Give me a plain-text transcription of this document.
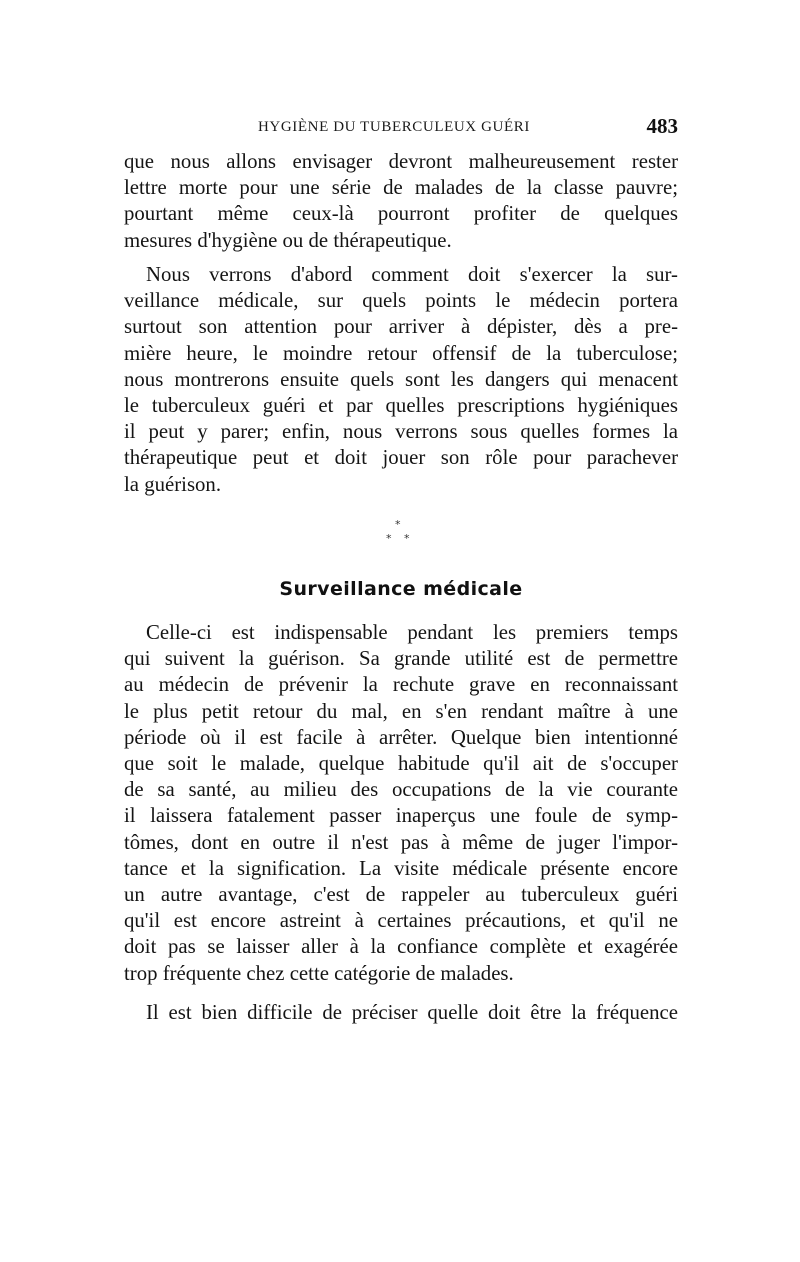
HYGIÈNE DU TUBERCULEUX GUÉRI	483
que nous allons envisager devront malheureusement rester
lettre morte pour une série de malades de la classe pauvre;
pourtant même ceux-là pourront profiter de quelques
mesures d'hygiène ou de thérapeutique.
Nous verrons d'abord comment doit s'exercer la sur-
veillance médicale, sur quels points le médecin portera
surtout son attention pour arriver à dépister, dès a pre-
mière heure, le moindre retour offensif de la tuberculose;
nous montrerons ensuite quels sont les dangers qui menacent
le tuberculeux guéri et par quelles prescriptions hygiéniques
il peut y parer; enfin, nous verrons sous quelles formes la
thérapeutique peut et doit jouer son rôle pour parachever
la guérison.
*
* *
Surveillance médicale
Celle-ci est indispensable pendant les premiers temps
qui suivent la guérison. Sa grande utilité est de permettre
au médecin de prévenir la rechute grave en reconnaissant
le plus petit retour du mal, en s'en rendant maître à une
période où il est facile à arrêter. Quelque bien intentionné
que soit le malade, quelque habitude qu'il ait de s'occuper
de sa santé, au milieu des occupations de la vie courante
il laissera fatalement passer inaperçus une foule de symp-
tômes, dont en outre il n'est pas à même de juger l'impor-
tance et la signification. La visite médicale présente encore
un autre avantage, c'est de rappeler au tuberculeux guéri
qu'il est encore astreint à certaines précautions, et qu'il ne
doit pas se laisser aller à la confiance complète et exagérée
trop fréquente chez cette catégorie de malades.
Il est bien difficile de préciser quelle doit être la fréquence
